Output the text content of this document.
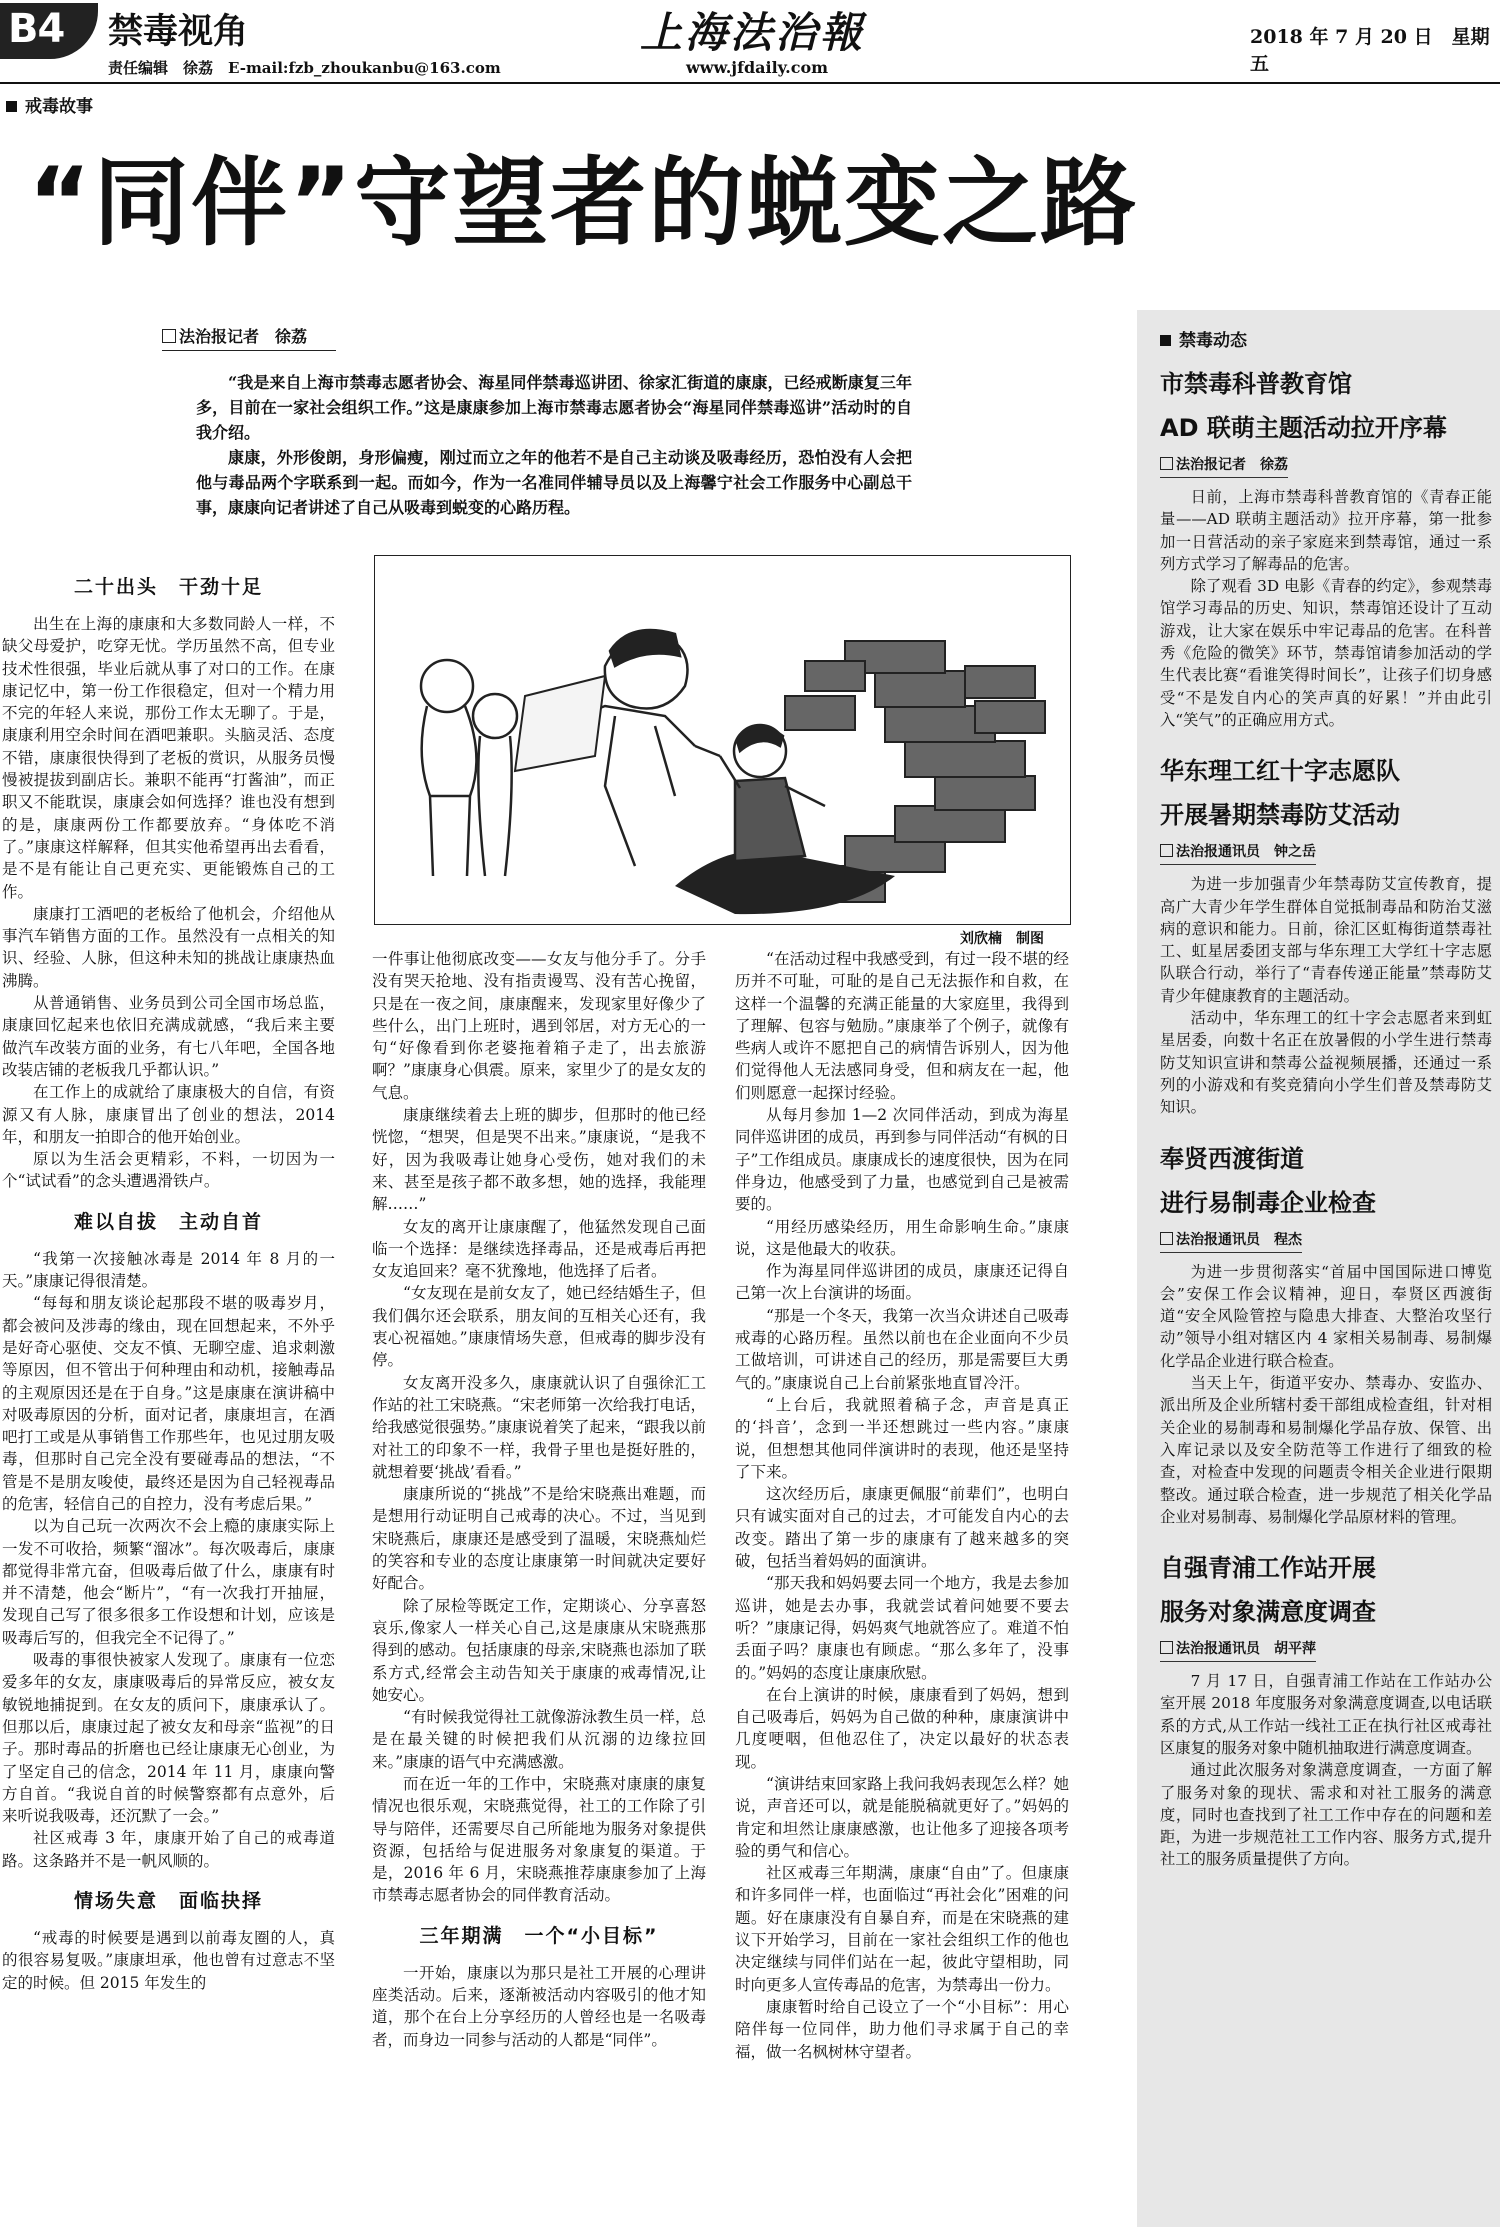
B4 禁毒视角
责任编辑　徐荔　E-mail:fzb_zhoukanbu@163.com
上海法治報
www.jfdaily.com
2018 年 7 月 20 日　星期五
戒毒故事
“同伴”守望者的蜕变之路
法治报记者　徐荔

“我是来自上海市禁毒志愿者协会、海星同伴禁毒巡讲团、徐家汇街道的康康，已经戒断康复三年多，目前在一家社会组织工作。”这是康康参加上海市禁毒志愿者协会“海星同伴禁毒巡讲”活动时的自我介绍。

康康，外形俊朗，身形偏瘦，刚过而立之年的他若不是自己主动谈及吸毒经历，恐怕没有人会把他与毒品两个字联系到一起。而如今，作为一名准同伴辅导员以及上海馨宁社会工作服务中心副总干事，康康向记者讲述了自己从吸毒到蜕变的心路历程。

刘欣楠　制图

二十出头　干劲十足

出生在上海的康康和大多数同龄人一样，不缺父母爱护，吃穿无忧。学历虽然不高，但专业技术性很强，毕业后就从事了对口的工作。在康康记忆中，第一份工作很稳定，但对一个精力用不完的年轻人来说，那份工作太无聊了。于是，康康利用空余时间在酒吧兼职。头脑灵活、态度不错，康康很快得到了老板的赏识，从服务员慢慢被提拔到副店长。兼职不能再“打酱油”，而正职又不能耽误，康康会如何选择？谁也没有想到的是，康康两份工作都要放弃。“身体吃不消了。”康康这样解释，但其实他希望再出去看看，是不是有能让自己更充实、更能锻炼自己的工作。

康康打工酒吧的老板给了他机会，介绍他从事汽车销售方面的工作。虽然没有一点相关的知识、经验、人脉，但这种未知的挑战让康康热血沸腾。

从普通销售、业务员到公司全国市场总监，康康回忆起来也依旧充满成就感，“我后来主要做汽车改装方面的业务，有七八年吧，全国各地改装店铺的老板我几乎都认识。”

在工作上的成就给了康康极大的自信，有资源又有人脉，康康冒出了创业的想法，2014 年，和朋友一拍即合的他开始创业。

原以为生活会更精彩，不料，一切因为一个“试试看”的念头遭遇滑铁卢。

难以自拔　主动自首

“我第一次接触冰毒是 2014 年 8 月的一天。”康康记得很清楚。

“每每和朋友谈论起那段不堪的吸毒岁月，都会被问及涉毒的缘由，现在回想起来，不外乎是好奇心驱使、交友不慎、无聊空虚、追求刺激等原因，但不管出于何种理由和动机，接触毒品的主观原因还是在于自身。”这是康康在演讲稿中对吸毒原因的分析，面对记者，康康坦言，在酒吧打工或是从事销售工作那些年，也见过朋友吸毒，但那时自己完全没有要碰毒品的想法，“不管是不是朋友唆使，最终还是因为自己轻视毒品的危害，轻信自己的自控力，没有考虑后果。”

以为自己玩一次两次不会上瘾的康康实际上一发不可收拾，频繁“溜冰”。每次吸毒后，康康都觉得非常亢奋，但吸毒后做了什么，康康有时并不清楚，他会“断片”，“有一次我打开抽屉，发现自己写了很多很多工作设想和计划，应该是吸毒后写的，但我完全不记得了。”

吸毒的事很快被家人发现了。康康有一位恋爱多年的女友，康康吸毒后的异常反应，被女友敏锐地捕捉到。在女友的质问下，康康承认了。但那以后，康康过起了被女友和母亲“监视”的日子。那时毒品的折磨也已经让康康无心创业，为了坚定自己的信念，2014 年 11 月，康康向警方自首。“我说自首的时候警察都有点意外，后来听说我吸毒，还沉默了一会。”

社区戒毒 3 年，康康开始了自己的戒毒道路。这条路并不是一帆风顺的。

情场失意　面临抉择

“戒毒的时候要是遇到以前毒友圈的人，真的很容易复吸。”康康坦承，他也曾有过意志不坚定的时候。但 2015 年发生的

一件事让他彻底改变——女友与他分手了。分手没有哭天抢地、没有指责谩骂、没有苦心挽留，只是在一夜之间，康康醒来，发现家里好像少了些什么，出门上班时，遇到邻居，对方无心的一句“好像看到你老婆拖着箱子走了，出去旅游啊？”康康身心俱震。原来，家里少了的是女友的气息。

康康继续着去上班的脚步，但那时的他已经恍惚，“想哭，但是哭不出来。”康康说，“是我不好，因为我吸毒让她身心受伤，她对我们的未来、甚至是孩子都不敢多想，她的选择，我能理解……”

女友的离开让康康醒了，他猛然发现自己面临一个选择：是继续选择毒品，还是戒毒后再把女友追回来？毫不犹豫地，他选择了后者。

“女友现在是前女友了，她已经结婚生子，但我们偶尔还会联系，朋友间的互相关心还有，我衷心祝福她。”康康情场失意，但戒毒的脚步没有停。

女友离开没多久，康康就认识了自强徐汇工作站的社工宋晓燕。“宋老师第一次给我打电话，给我感觉很强势。”康康说着笑了起来，“跟我以前对社工的印象不一样，我骨子里也是挺好胜的，就想着要‘挑战’看看。”

康康所说的“挑战”不是给宋晓燕出难题，而是想用行动证明自己戒毒的决心。不过，当见到宋晓燕后，康康还是感受到了温暖，宋晓燕灿烂的笑容和专业的态度让康康第一时间就决定要好好配合。

除了尿检等既定工作，定期谈心、分享喜怒哀乐,像家人一样关心自己,这是康康从宋晓燕那得到的感动。包括康康的母亲,宋晓燕也添加了联系方式,经常会主动告知关于康康的戒毒情况,让她安心。

“有时候我觉得社工就像游泳教生员一样，总是在最关键的时候把我们从沉溺的边缘拉回来。”康康的语气中充满感激。

而在近一年的工作中，宋晓燕对康康的康复情况也很乐观，宋晓燕觉得，社工的工作除了引导与陪伴，还需要尽自己所能地为服务对象提供资源，包括给与促进服务对象康复的渠道。于是，2016 年 6 月，宋晓燕推荐康康参加了上海市禁毒志愿者协会的同伴教育活动。

三年期满　一个“小目标”

一开始，康康以为那只是社工开展的心理讲座类活动。后来，逐渐被活动内容吸引的他才知道，那个在台上分享经历的人曾经也是一名吸毒者，而身边一同参与活动的人都是“同伴”。

“在活动过程中我感受到，有过一段不堪的经历并不可耻，可耻的是自己无法振作和自救，在这样一个温馨的充满正能量的大家庭里，我得到了理解、包容与勉励。”康康举了个例子，就像有些病人或许不愿把自己的病情告诉别人，因为他们觉得他人无法感同身受，但和病友在一起，他们则愿意一起探讨经验。

从每月参加 1—2 次同伴活动，到成为海星同伴巡讲团的成员，再到参与同伴活动“有枫的日子”工作组成员。康康成长的速度很快，因为在同伴身边，他感受到了力量，也感觉到自己是被需要的。

“用经历感染经历，用生命影响生命。”康康说，这是他最大的收获。

作为海星同伴巡讲团的成员，康康还记得自己第一次上台演讲的场面。

“那是一个冬天，我第一次当众讲述自己吸毒戒毒的心路历程。虽然以前也在企业面向不少员工做培训，可讲述自己的经历，那是需要巨大勇气的。”康康说自己上台前紧张地直冒冷汗。

“上台后，我就照着稿子念，声音是真正的‘抖音’，念到一半还想跳过一些内容。”康康说，但想想其他同伴演讲时的表现，他还是坚持了下来。

这次经历后，康康更佩服“前辈们”，也明白只有诚实面对自己的过去，才可能发自内心的去改变。踏出了第一步的康康有了越来越多的突破，包括当着妈妈的面演讲。

“那天我和妈妈要去同一个地方，我是去参加巡讲，她是去办事，我就尝试着问她要不要去听？”康康记得，妈妈爽气地就答应了。难道不怕丢面子吗？康康也有顾虑。“那么多年了，没事的。”妈妈的态度让康康欣慰。

在台上演讲的时候，康康看到了妈妈，想到自己吸毒后，妈妈为自己做的种种，康康演讲中几度哽咽，但他忍住了，决定以最好的状态表现。

“演讲结束回家路上我问我妈表现怎么样？她说，声音还可以，就是能脱稿就更好了。”妈妈的肯定和坦然让康康感激，也让他多了迎接各项考验的勇气和信心。

社区戒毒三年期满，康康“自由”了。但康康和许多同伴一样，也面临过“再社会化”困难的问题。好在康康没有自暴自弃，而是在宋晓燕的建议下开始学习，目前在一家社会组织工作的他也决定继续与同伴们站在一起，彼此守望相助，同时向更多人宣传毒品的危害，为禁毒出一份力。

康康暂时给自己设立了一个“小目标”：用心陪伴每一位同伴，助力他们寻求属于自己的幸福，做一名枫树林守望者。

禁毒动态

市禁毒科普教育馆

AD 联萌主题活动拉开序幕

法治报记者　徐荔

日前，上海市禁毒科普教育馆的《青春正能量——AD 联萌主题活动》拉开序幕，第一批参加一日营活动的亲子家庭来到禁毒馆，通过一系列方式学习了解毒品的危害。

除了观看 3D 电影《青春的约定》，参观禁毒馆学习毒品的历史、知识，禁毒馆还设计了互动游戏，让大家在娱乐中牢记毒品的危害。在科普秀《危险的微笑》环节，禁毒馆请参加活动的学生代表比赛“看谁笑得时间长”，让孩子们切身感受“不是发自内心的笑声真的好累！”并由此引入“笑气”的正确应用方式。

华东理工红十字志愿队

开展暑期禁毒防艾活动

法治报通讯员　钟之岳

为进一步加强青少年禁毒防艾宣传教育，提高广大青少年学生群体自觉抵制毒品和防治艾滋病的意识和能力。日前，徐汇区虹梅街道禁毒社工、虹星居委团支部与华东理工大学红十字志愿队联合行动，举行了“青春传递正能量”禁毒防艾青少年健康教育的主题活动。

活动中，华东理工的红十字会志愿者来到虹星居委，向数十名正在放暑假的小学生进行禁毒防艾知识宣讲和禁毒公益视频展播，还通过一系列的小游戏和有奖竞猜向小学生们普及禁毒防艾知识。

奉贤西渡街道

进行易制毒企业检查

法治报通讯员　程杰

为进一步贯彻落实“首届中国国际进口博览会”安保工作会议精神，迎日，奉贤区西渡街道“安全风险管控与隐患大排查、大整治攻坚行动”领导小组对辖区内 4 家相关易制毒、易制爆化学品企业进行联合检查。

当天上午，街道平安办、禁毒办、安监办、派出所及企业所辖村委干部组成检查组，针对相关企业的易制毒和易制爆化学品存放、保管、出入库记录以及安全防范等工作进行了细致的检查，对检查中发现的问题责令相关企业进行限期整改。通过联合检查，进一步规范了相关化学品企业对易制毒、易制爆化学品原材料的管理。

自强青浦工作站开展

服务对象满意度调查

法治报通讯员　胡平萍

7 月 17 日，自强青浦工作站在工作站办公室开展 2018 年度服务对象满意度调查,以电话联系的方式,从工作站一线社工正在执行社区戒毒社区康复的服务对象中随机抽取进行满意度调查。

通过此次服务对象满意度调查，一方面了解了服务对象的现状、需求和对社工服务的满意度，同时也查找到了社工工作中存在的问题和差距，为进一步规范社工工作内容、服务方式,提升社工的服务质量提供了方向。
